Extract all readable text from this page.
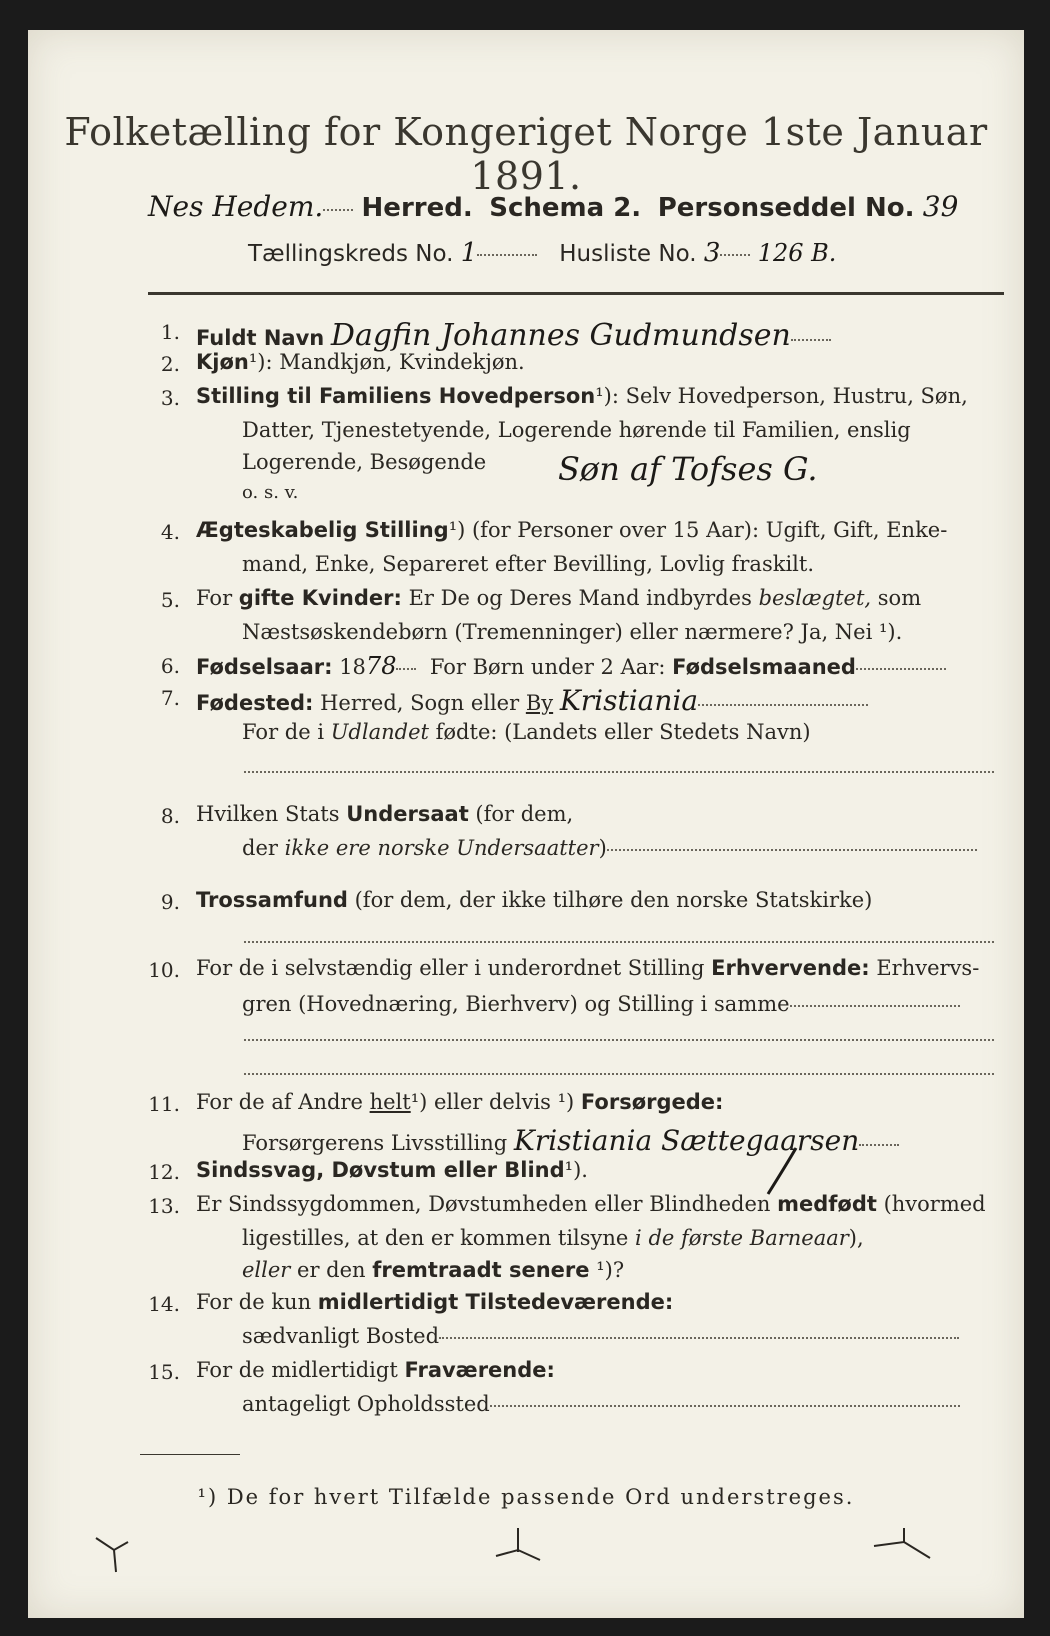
Folketælling for Kongeriget Norge 1ste Januar 1891.
Nes Hedem. Herred. Schema 2. Personseddel No. 39
Tællingskreds No. 1	Husliste No. 3 126 B.
1. Fuldt Navn Dagfin Johannes Gudmundsen
2. Kjøn¹): Mandkjøn, Kvindekjøn.
3. Stilling til Familiens Hovedperson¹): Selv Hovedperson, Hustru, Søn,
Datter, Tjenestetyende, Logerende hørende til Familien, enslig
Logerende, Besøgende
o. s. v.
Søn af Tofses G.
4. Ægteskabelig Stilling¹) (for Personer over 15 Aar): Ugift, Gift, Enke-
mand, Enke, Separeret efter Bevilling, Lovlig fraskilt.
5. For gifte Kvinder: Er De og Deres Mand indbyrdes beslægtet, som
Næstsøskendebørn (Tremenninger) eller nærmere? Ja, Nei ¹).
6. Fødselsaar: 1878 For Børn under 2 Aar: Fødselsmaaned
7. Fødested: Herred, Sogn eller By Kristiania
For de i Udlandet fødte: (Landets eller Stedets Navn)
8. Hvilken Stats Undersaat (for dem,
der ikke ere norske Undersaatter)
9. Trossamfund (for dem, der ikke tilhøre den norske Statskirke)
10. For de i selvstændig eller i underordnet Stilling Erhvervende: Erhvervs-
gren (Hovednæring, Bierhverv) og Stilling i samme
11. For de af Andre helt¹) eller delvis ¹) Forsørgede:
Forsørgerens Livsstilling Kristiania Sættegaarsen
12. Sindssvag, Døvstum eller Blind¹).
13. Er Sindssygdommen, Døvstumheden eller Blindheden medfødt (hvormed
ligestilles, at den er kommen tilsyne i de første Barneaar),
eller er den fremtraadt senere ¹)?
14. For de kun midlertidigt Tilstedeværende:
sædvanligt Bosted
15. For de midlertidigt Fraværende:
antageligt Opholdssted
¹) De for hvert Tilfælde passende Ord understreges.
